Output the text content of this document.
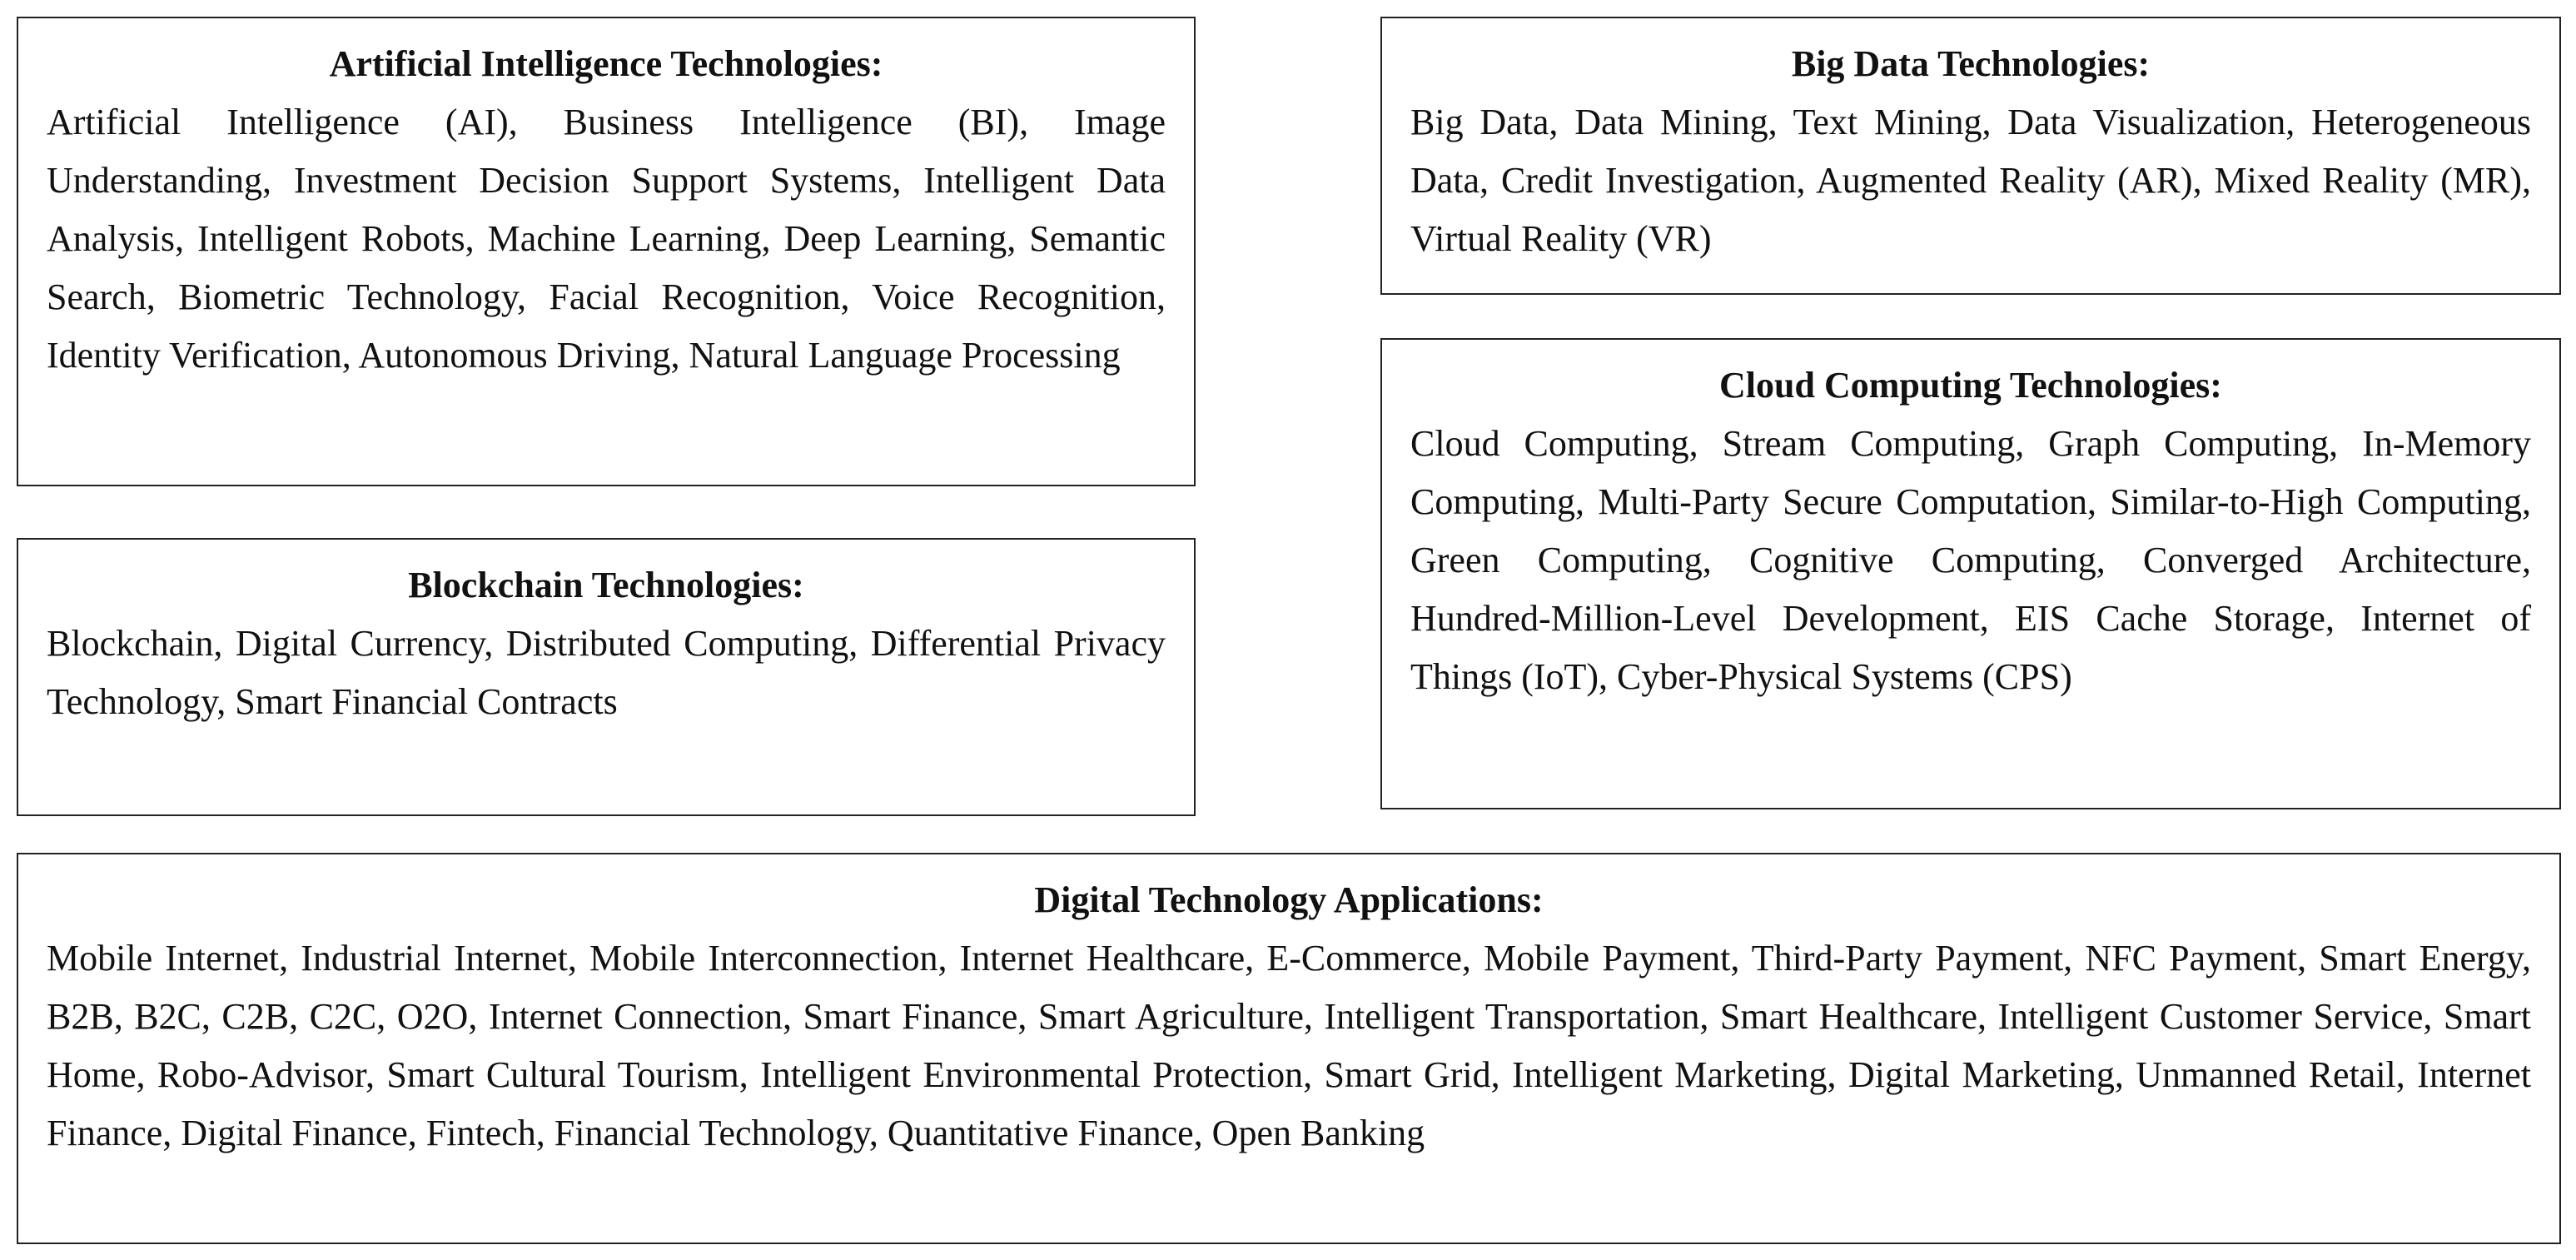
Artificial Intelligence Technologies:

Artificial Intelligence (AI), Business Intelligence (BI), Image Understanding, Investment Decision Support Systems, Intelligent Data Analysis, Intelligent Robots, Machine Learning, Deep Learning, Semantic Search, Biometric Technology, Facial Recognition, Voice Recognition, Identity Verification, Autonomous Driving, Natural Language Processing

Big Data Technologies:

Big Data, Data Mining, Text Mining, Data Visualization, Heterogeneous Data, Credit Investigation, Augmented Reality (AR), Mixed Reality (MR), Virtual Reality (VR)

Blockchain Technologies:

Blockchain, Digital Currency, Distributed Computing, Differential Privacy Technology, Smart Financial Contracts

Cloud Computing Technologies:

Cloud Computing, Stream Computing, Graph Computing, In-Memory Computing, Multi-Party Secure Computation, Similar-to-High Computing, Green Computing, Cognitive Computing, Converged Architecture, Hundred-Million-Level Development, EIS Cache Storage, Internet of Things (IoT), Cyber-Physical Systems (CPS)

Digital Technology Applications:

Mobile Internet, Industrial Internet, Mobile Interconnection, Internet Healthcare, E-Commerce, Mobile Payment, Third-Party Payment, NFC Payment, Smart Energy, B2B, B2C, C2B, C2C, O2O, Internet Connection, Smart Finance, Smart Agriculture, Intelligent Transportation, Smart Healthcare, Intelligent Customer Service, Smart Home, Robo-Advisor, Smart Cultural Tourism, Intelligent Environmental Protection, Smart Grid, Intelligent Marketing, Digital Marketing, Unmanned Retail, Internet Finance, Digital Finance, Fintech, Financial Technology, Quantitative Finance, Open Banking
